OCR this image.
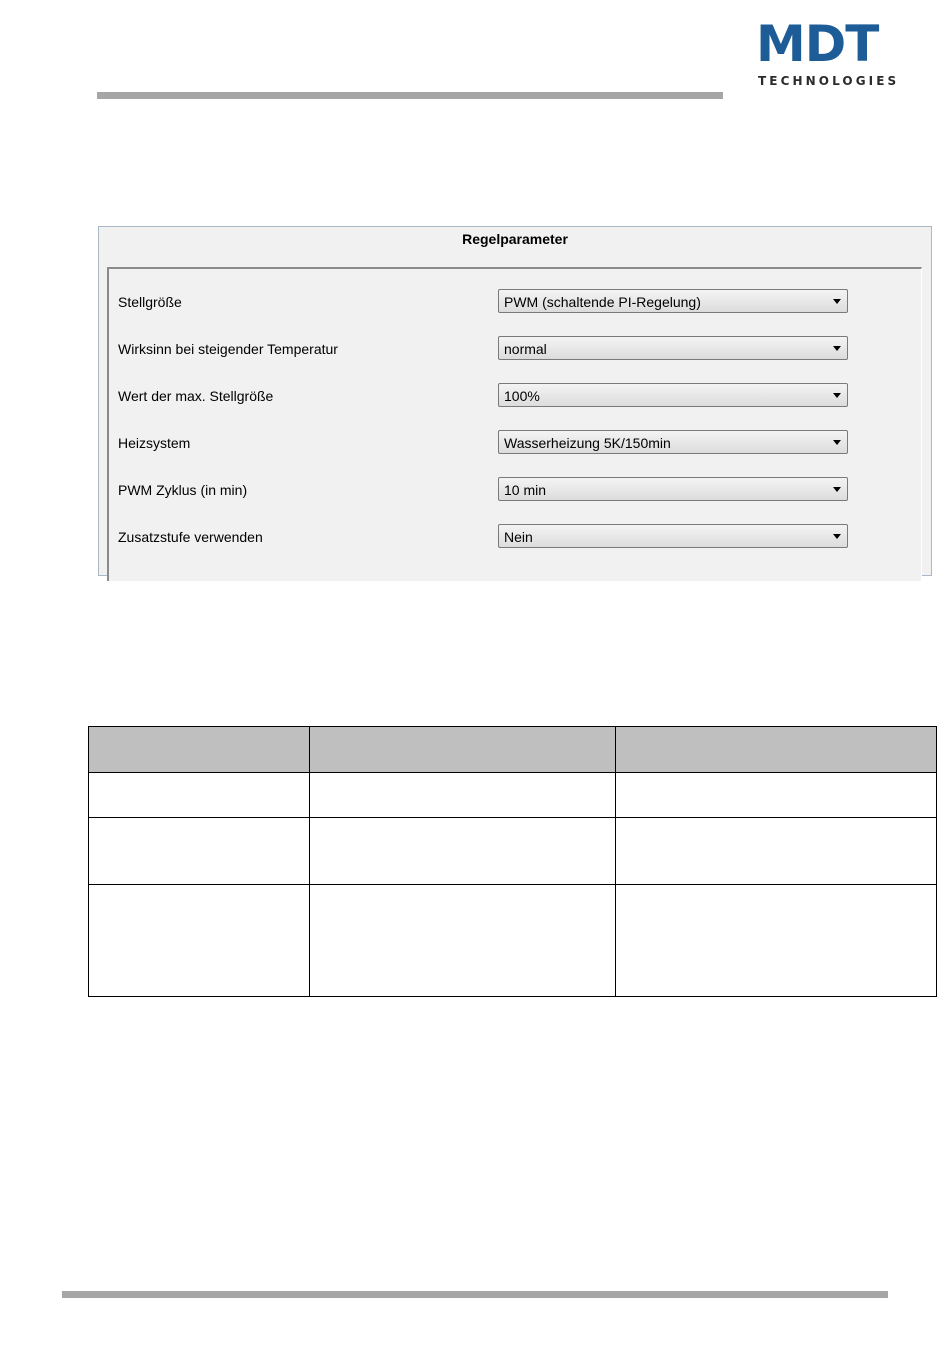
MDT
TECHNOLOGIES
Regelparameter
Stellgröße	PWM (schaltende PI-Regelung)
Wirksinn bei steigender Temperatur	normal
Wert der max. Stellgröße	100%
Heizsystem	Wasserheizung 5K/150min
PWM Zyklus (in min)	10 min
Zusatzstufe verwenden	Nein
